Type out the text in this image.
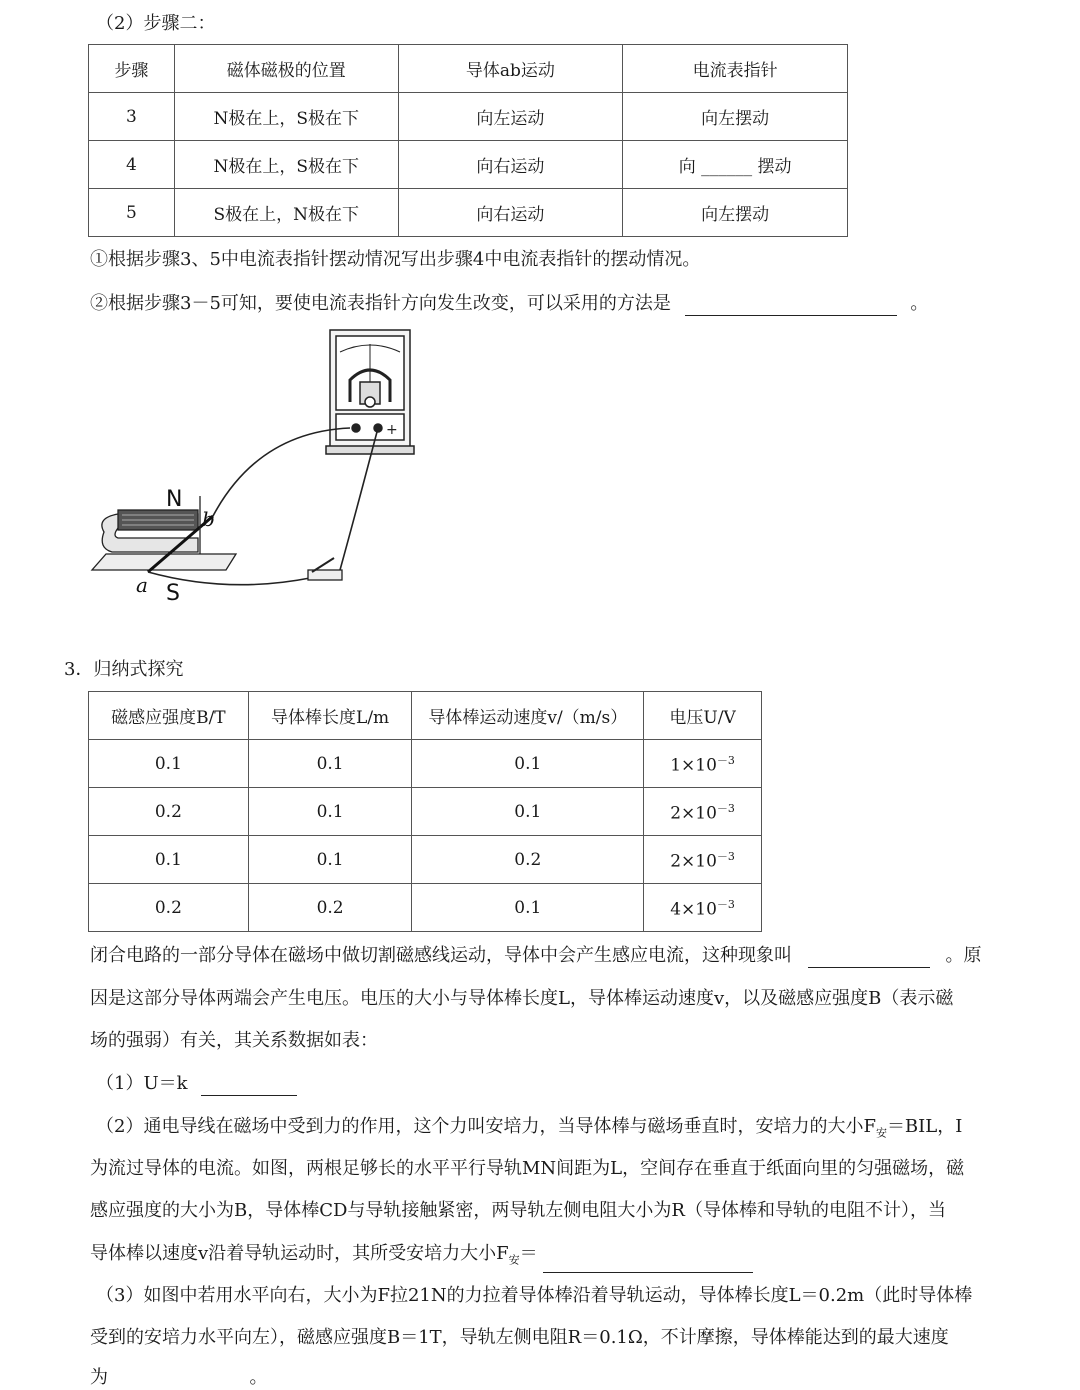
（2）步骤二：
步骤	磁体磁极的位置	导体ab运动	电流表指针
3	N极在上，S极在下	向左运动	向左摆动
4	N极在上，S极在下	向右运动	向 ______ 摆动
5	S极在上，N极在下	向右运动	向左摆动
①根据步骤3、5中电流表指针摆动情况写出步骤4中电流表指针的摆动情况。
②根据步骤3－5可知，要使电流表指针方向发生改变，可以采用的方法是	。
+
N
S
a
b
3．归纳式探究
磁感应强度B/T	导体棒长度L/m	导体棒运动速度v/（m/s）	电压U/V
0.1	0.1	0.1	$1\times 10^{-3}$
0.2	0.1	0.1	$2\times 10^{-3}$
0.1	0.1	0.2	$2\times 10^{-3}$
0.2	0.2	0.1	$4\times 10^{-3}$
闭合电路的一部分导体在磁场中做切割磁感线运动，导体中会产生感应电流，这种现象叫	。原
因是这部分导体两端会产生电压。电压的大小与导体棒长度L，导体棒运动速度v，以及磁感应强度B（表示磁
场的强弱）有关，其关系数据如表：
（1）U＝k
（2）通电导线在磁场中受到力的作用，这个力叫安培力，当导体棒与磁场垂直时，安培力的大小$F_安=BIL$，I
为流过导体的电流。如图，两根足够长的水平平行导轨MN间距为L，空间存在垂直于纸面向里的匀强磁场，磁
感应强度的大小为B，导体棒CD与导轨接触紧密，两导轨左侧电阻大小为R（导体棒和导轨的电阻不计），当
导体棒以速度v沿着导轨运动时，其所受安培力大小$F_安=$
（3）如图中若用水平向右，大小为F拉21N的力拉着导体棒沿着导轨运动，导体棒长度L＝0.2m（此时导体棒
受到的安培力水平向左），磁感应强度B＝1T，导轨左侧电阻R＝0.1Ω，不计摩擦，导体棒能达到的最大速度
为	。
